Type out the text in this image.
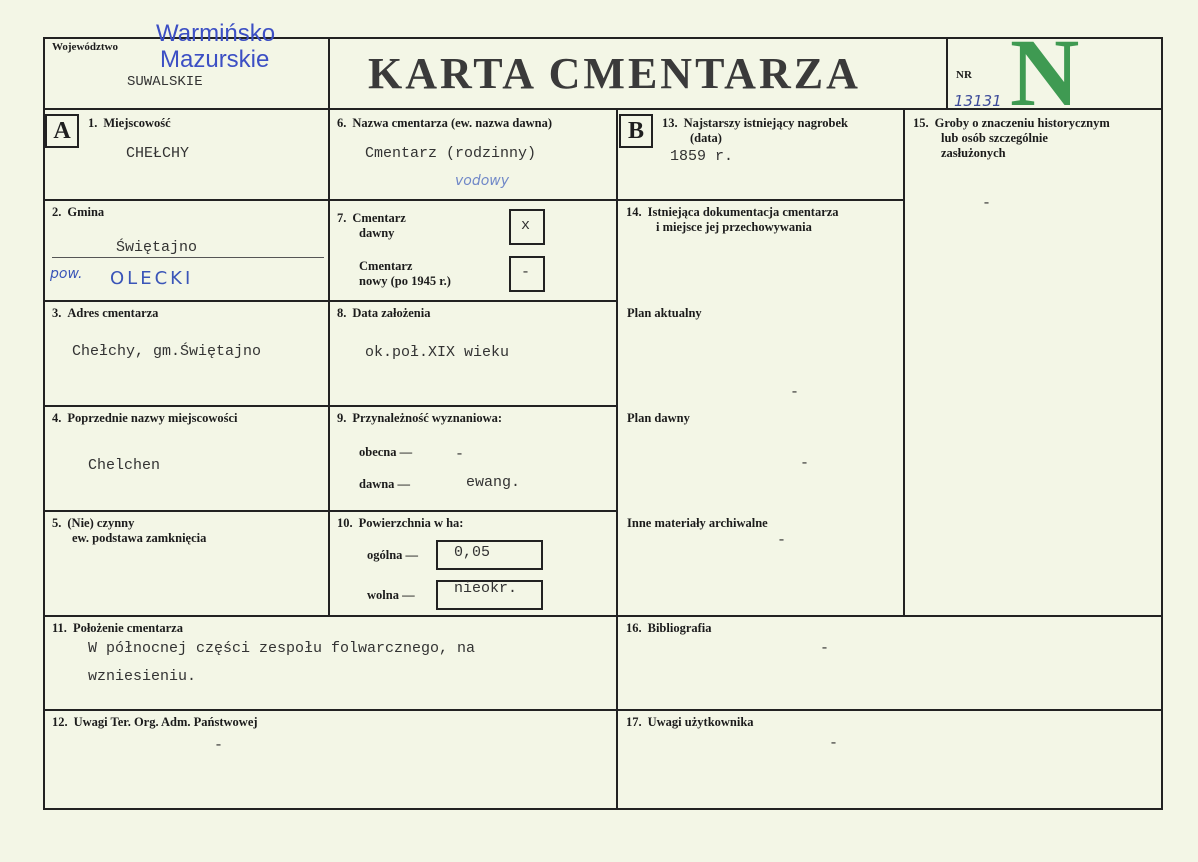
Województwo
SUWALSKIE
Warmińsko
Mazurskie KARTA CMENTARZA	NR
13131 N
A	B
1. Miejscowość
CHEŁCHY
2. Gmina
Świętajno
pow. OLECKI
3. Adres cmentarza
Chełchy, gm.Świętajno
4. Poprzednie nazwy miejscowości
Chelchen
5. (Nie) czynny
ew. podstawa zamknięcia
6. Nazwa cmentarza (ew. nazwa dawna)
Cmentarz (rodzinny)
vodowy
7. Cmentarz
dawny	x
Cmentarz
nowy (po 1945 r.)	-
8. Data założenia
ok.poł.XIX wieku
9. Przynależność wyznaniowa:
obecna —	-
dawna —	ewang.
10. Powierzchnia w ha:
ogólna — 0,05
wolna —	nieokr.
11. Położenie cmentarza
W północnej części zespołu folwarcznego, na
wzniesieniu.
12. Uwagi Ter. Org. Adm. Państwowej
-
13. Najstarszy istniejący nagrobek
(data)
1859 r.
14. Istniejąca dokumentacja cmentarza
i miejsce jej przechowywania
Plan aktualny
-
Plan dawny
-
Inne materiały archiwalne
-
15. Groby o znaczeniu historycznym
lub osób szczególnie
zasłużonych
-
16. Bibliografia
-
17. Uwagi użytkownika
-
